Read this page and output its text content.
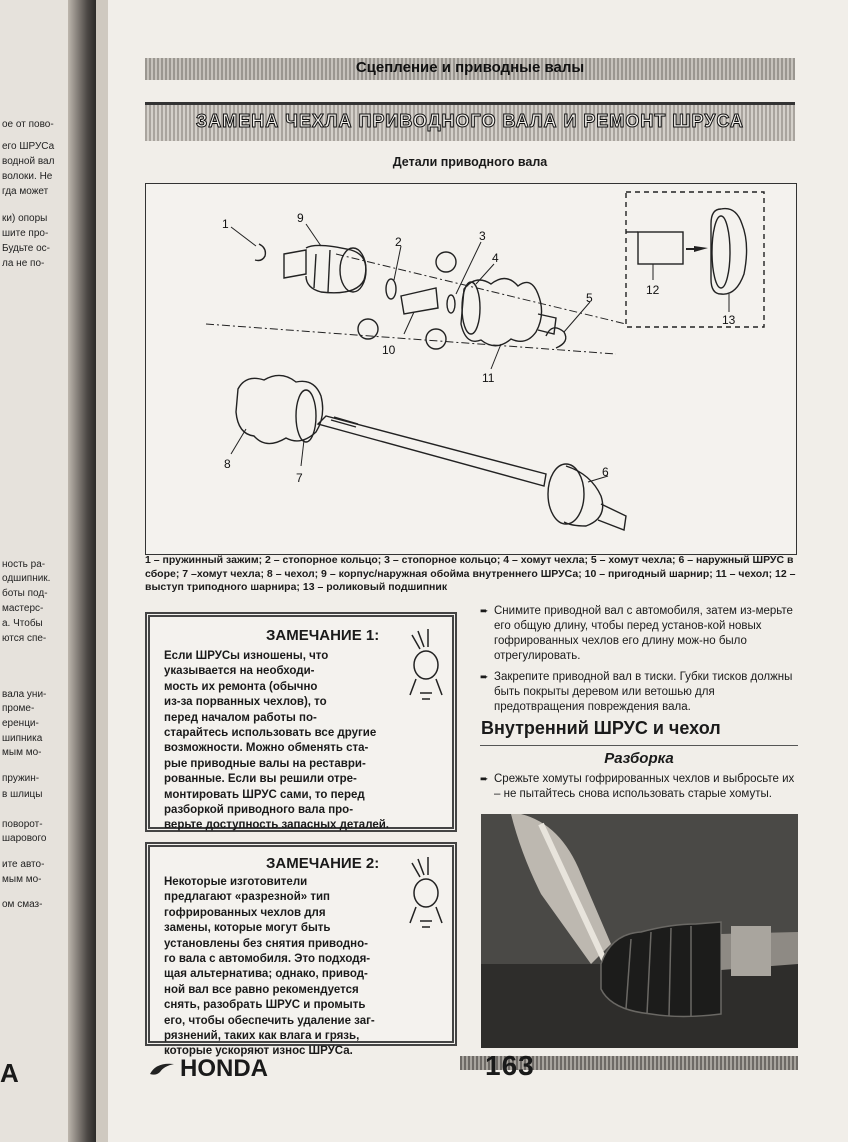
ое от пово-
его ШРУСа
водной вал
волоки. Не
гда может
ки) опоры
шите про-
Будьте ос-
ла не по-
ность ра-
одшипник.
боты под-
мастерс-
а. Чтобы
ются спе-
вала уни-
проме-
еренци-
шипника
мым мо-
пружин-
в шлицы
поворот-
шарового
ите авто-
мым мо-
ом смаз-
A
Сцепление и приводные валы
ЗАМЕНА ЧЕХЛА ПРИВОДНОГО ВАЛА И РЕМОНТ ШРУСА
Детали приводного вала
1	9
2	3
4
5
10
11
8
7	6
12
13
1 – пружинный зажим; 2 – стопорное кольцо; 3 – стопорное кольцо; 4 – хомут чехла; 5 – хомут чехла; 6 – наружный ШРУС в сборе; 7 –хомут чехла; 8 – чехол; 9 – корпус/наружная обойма внутреннего ШРУСа; 10 – пригодный шарнир; 11 – чехол; 12 – выступ триподного шарнира; 13 – роликовый подшипник
ЗАМЕЧАНИЕ 1:
Если ШРУСы изношены, что
указывается на необходи-
мость их ремонта (обычно
из-за порванных чехлов), то
перед началом работы по-
старайтесь использовать все другие
возможности. Можно обменять ста-
рые приводные валы на реставри-
рованные. Если вы решили отре-
монтировать ШРУС сами, то перед
разборкой приводного вала про-
верьте доступность запасных деталей.
ЗАМЕЧАНИЕ 2:
Некоторые изготовители
предлагают «разрезной» тип
гофрированных чехлов для
замены, которые могут быть
установлены без снятия приводно-
го вала с автомобиля. Это подходя-
щая альтернатива; однако, привод-
ной вал все равно рекомендуется
снять, разобрать ШРУС и промыть
его, чтобы обеспечить удаление заг-
рязнений, таких как влага и грязь,
которые ускоряют износ ШРУСа.
➨ Снимите приводной вал с автомобиля, затем из-мерьте его общую длину, чтобы перед установ-кой новых гофрированных чехлов его длину мож-но было отрегулировать.
➨ Закрепите приводной вал в тиски. Губки тисков должны быть покрыты деревом или ветошью для предотвращения повреждения вала.
Внутренний ШРУС и чехол
Разборка
➨ Срежьте хомуты гофрированных чехлов и выбросьте их – не пытайтесь снова использовать старые хомуты.
HONDA	163
